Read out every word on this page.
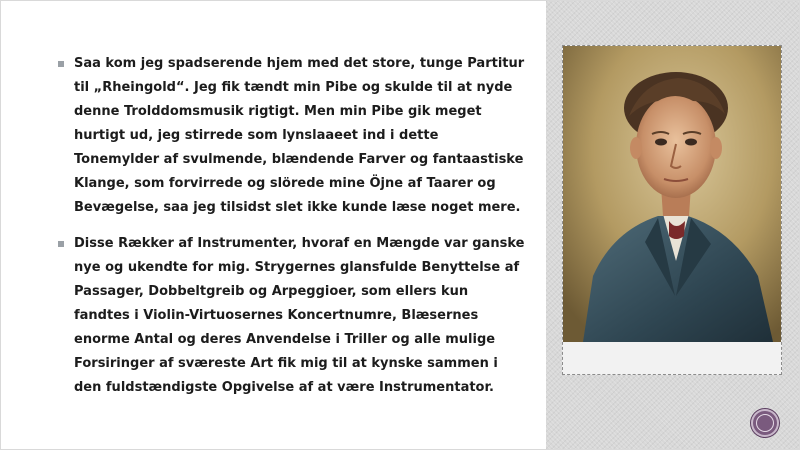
Saa kom jeg spadserende hjem med det store, tunge Partitur til „Rheingold“. Jeg fik tændt min Pibe og skulde til at nyde denne Trolddomsmusik rigtigt. Men min Pibe gik meget hurtigt ud, jeg stirrede som lynslaaeet ind i dette Tonemylder af svulmende, blændende Farver og fantaastiske Klange, som forvirrede og slörede mine Öjne af Taarer og Bevægelse, saa jeg tilsidst slet ikke kunde læse noget mere.
Disse Rækker af Instrumenter, hvoraf en Mængde var ganske nye og ukendte for mig. Strygernes glansfulde Benyttelse af Passager, Dobbeltgreib og Arpeggioer, som ellers kun fandtes i Violin-Virtuosernes Koncertnumre, Blæsernes enorme Antal og deres Anvendelse i Triller og alle mulige Forsiringer af sværeste Art fik mig til at kynske sammen i den fuldstændigste Opgivelse af at være Instrumentator.
